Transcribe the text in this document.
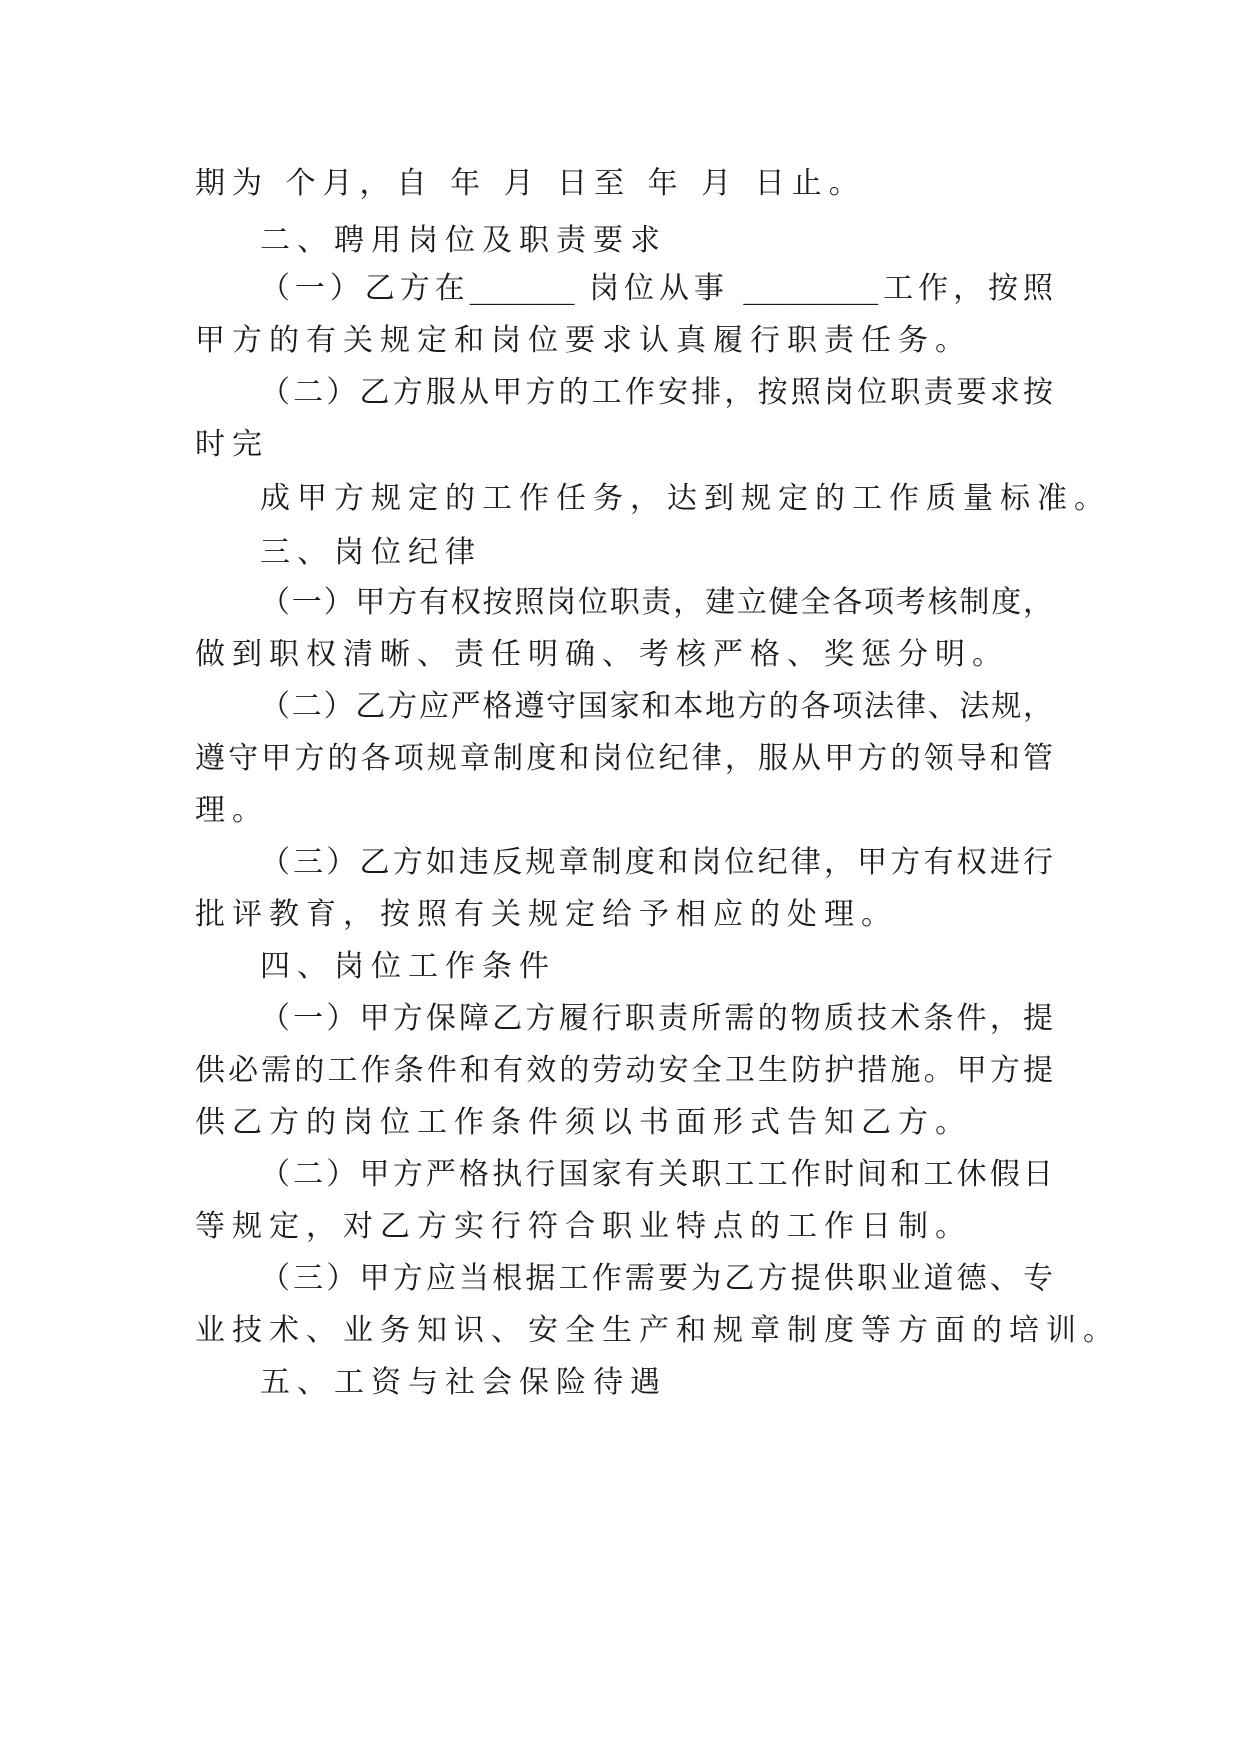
期为 个月，自 年 月 日至 年 月 日止。
二、聘用岗位及职责要求
（一）乙方在_______ 岗位从事 _________工作，按照
甲方的有关规定和岗位要求认真履行职责任务。
（二）乙方服从甲方的工作安排，按照岗位职责要求按
时完
成甲方规定的工作任务，达到规定的工作质量标准。
三、岗位纪律
（一）甲方有权按照岗位职责，建立健全各项考核制度，
做到职权清晰、责任明确、考核严格、奖惩分明。
（二）乙方应严格遵守国家和本地方的各项法律、法规，
遵守甲方的各项规章制度和岗位纪律，服从甲方的领导和管
理。
（三）乙方如违反规章制度和岗位纪律，甲方有权进行
批评教育，按照有关规定给予相应的处理。
四、岗位工作条件
（一）甲方保障乙方履行职责所需的物质技术条件，提
供必需的工作条件和有效的劳动安全卫生防护措施。甲方提
供乙方的岗位工作条件须以书面形式告知乙方。
（二）甲方严格执行国家有关职工工作时间和工休假日
等规定，对乙方实行符合职业特点的工作日制。
（三）甲方应当根据工作需要为乙方提供职业道德、专
业技术、业务知识、安全生产和规章制度等方面的培训。
五、工资与社会保险待遇
